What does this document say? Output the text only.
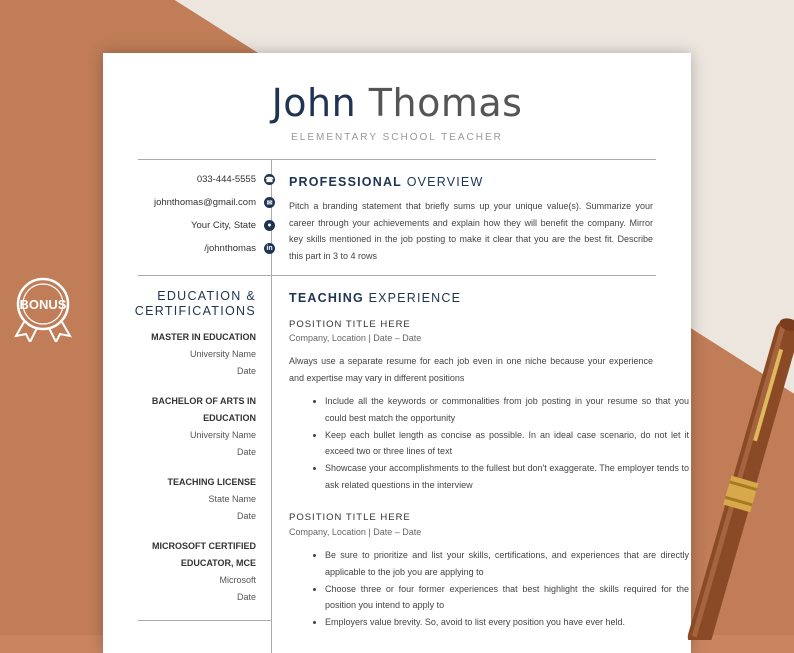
BONUS
John Thomas
ELEMENTARY SCHOOL TEACHER
033-444-5555 ☎
johnthomas@gmail.com	✉
Your City, State	●
/johnthomas	in
EDUCATION &
CERTIFICATIONS
MASTER IN EDUCATION
University Name
Date
BACHELOR OF ARTS IN
EDUCATION
University Name
Date
TEACHING LICENSE
State Name
Date
MICROSOFT CERTIFIED
EDUCATOR, MCE
Microsoft
Date
PROFESSIONAL OVERVIEW
Pitch a branding statement that briefly sums up your unique value(s). Summarize your career through your achievements and explain how they will benefit the company. Mirror key skills mentioned in the job posting to make it clear that you are the best fit. Describe this part in 3 to 4 rows
TEACHING EXPERIENCE
POSITION TITLE HERE
Company, Location | Date – Date
Always use a separate resume for each job even in one niche because your experience and expertise may vary in different positions
• Include all the keywords or commonalities from job posting in your resume so that you could best match the opportunity
• Keep each bullet length as concise as possible. In an ideal case scenario, do not let it exceed two or three lines of text
• Showcase your accomplishments to the fullest but don't exaggerate. The employer tends to ask related questions in the interview
POSITION TITLE HERE
Company, Location | Date – Date
• Be sure to prioritize and list your skills, certifications, and experiences that are directly applicable to the job you are applying to
• Choose three or four former experiences that best highlight the skills required for the position you intend to apply to
• Employers value brevity. So, avoid to list every position you have ever held.
